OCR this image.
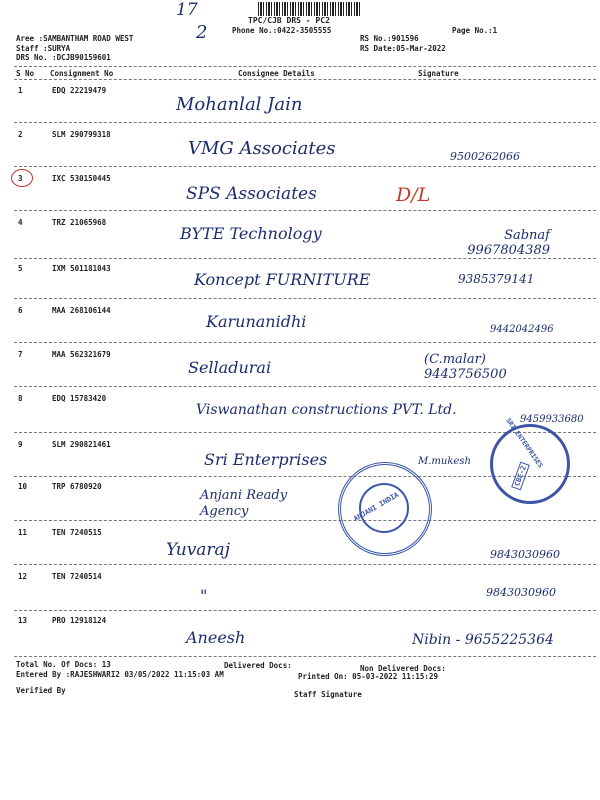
17
2
TPC/CJB DRS - PC2
Phone No.:0422-3505555	Page No.:1
Aree :SAMBANTHAM ROAD WEST	RS No.:901596
Staff :SURYA	RS Date:05-Mar-2022
DRS No. :DCJB90159601
S No Consignment No	Consignee Details	Signature
1	EDQ 22219479
Mohanlal Jain
2	SLM 290799318
VMG Associates	9500262066
3	IXC 530150445
SPS Associates	D/L
4	TRZ 21065968
BYTE Technology	Sabnaf 9967804389
5	IXM 501181043
Koncept FURNITURE	9385379141
6	MAA 268106144
Karunanidhi	9442042496
7	MAA 562321679
Selladurai	(C.malar) 9443756500
8	EDQ 15783420
Viswanathan constructions PVT. Ltd.
9459933680
9	SLM 290821461
Sri Enterprises	M.mukesh
10	TRP 6780920
Anjani Ready Agency
11	TEN 7240515
Yuvaraj	9843030960
12	TEN 7240514
"	9843030960
13	PRO 12918124
Aneesh	Nibin - 9655225364
ANJANI INDIA
SRI ENTERPRISES
CBE-2
Total No. Of Docs: 13	Delivered Docs:	Non Delivered Docs:
Entered By :RAJESHWARI2 03/05/2022 11:15:03 AM	Printed On: 05-03-2022 11:15:29
Verified By	Staff Signature
